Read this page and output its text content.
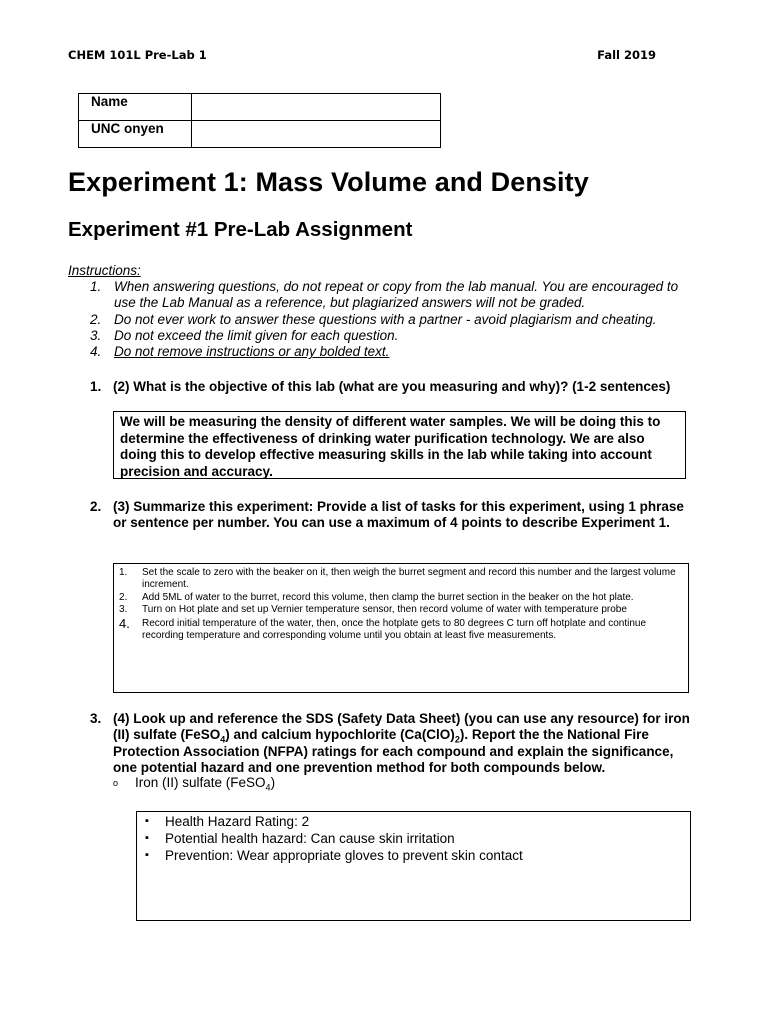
CHEM 101L Pre-Lab 1	Fall 2019
Name	
UNC onyen	
Experiment 1: Mass Volume and Density
Experiment #1 Pre-Lab Assignment
Instructions:
1. When answering questions, do not repeat or copy from the lab manual. You are encouraged to use the Lab Manual as a reference, but plagiarized answers will not be graded.
2. Do not ever work to answer these questions with a partner - avoid plagiarism and cheating.
3. Do not exceed the limit given for each question.
4. Do not remove instructions or any bolded text.
1. (2) What is the objective of this lab (what are you measuring and why)? (1-2 sentences)
We will be measuring the density of different water samples. We will be doing this to determine the effectiveness of drinking water purification technology. We are also doing this to develop effective measuring skills in the lab while taking into account precision and accuracy.
2. (3) Summarize this experiment: Provide a list of tasks for this experiment, using 1 phrase or sentence per number. You can use a maximum of 4 points to describe Experiment 1.
1. Set the scale to zero with the beaker on it, then weigh the burret segment and record this number and the largest volume increment.
2. Add 5ML of water to the burret, record this volume, then clamp the burret section in the beaker on the hot plate.
3. Turn on Hot plate and set up Vernier temperature sensor, then record volume of water with temperature probe
4. Record initial temperature of the water, then, once the hotplate gets to 80 degrees C turn off hotplate and continue recording temperature and corresponding volume until you obtain at least five measurements.
3. (4) Look up and reference the SDS (Safety Data Sheet) (you can use any resource) for iron (II) sulfate (FeSO$_4$) and calcium hypochlorite $(Ca(ClO)_2)$. Report the the National Fire Protection Association (NFPA) ratings for each compound and explain the significance, one potential hazard and one prevention method for both compounds below.
o Iron (II) sulfate (FeSO$_4$)
▪ Health Hazard Rating: 2
▪ Potential health hazard: Can cause skin irritation
▪ Prevention: Wear appropriate gloves to prevent skin contact
